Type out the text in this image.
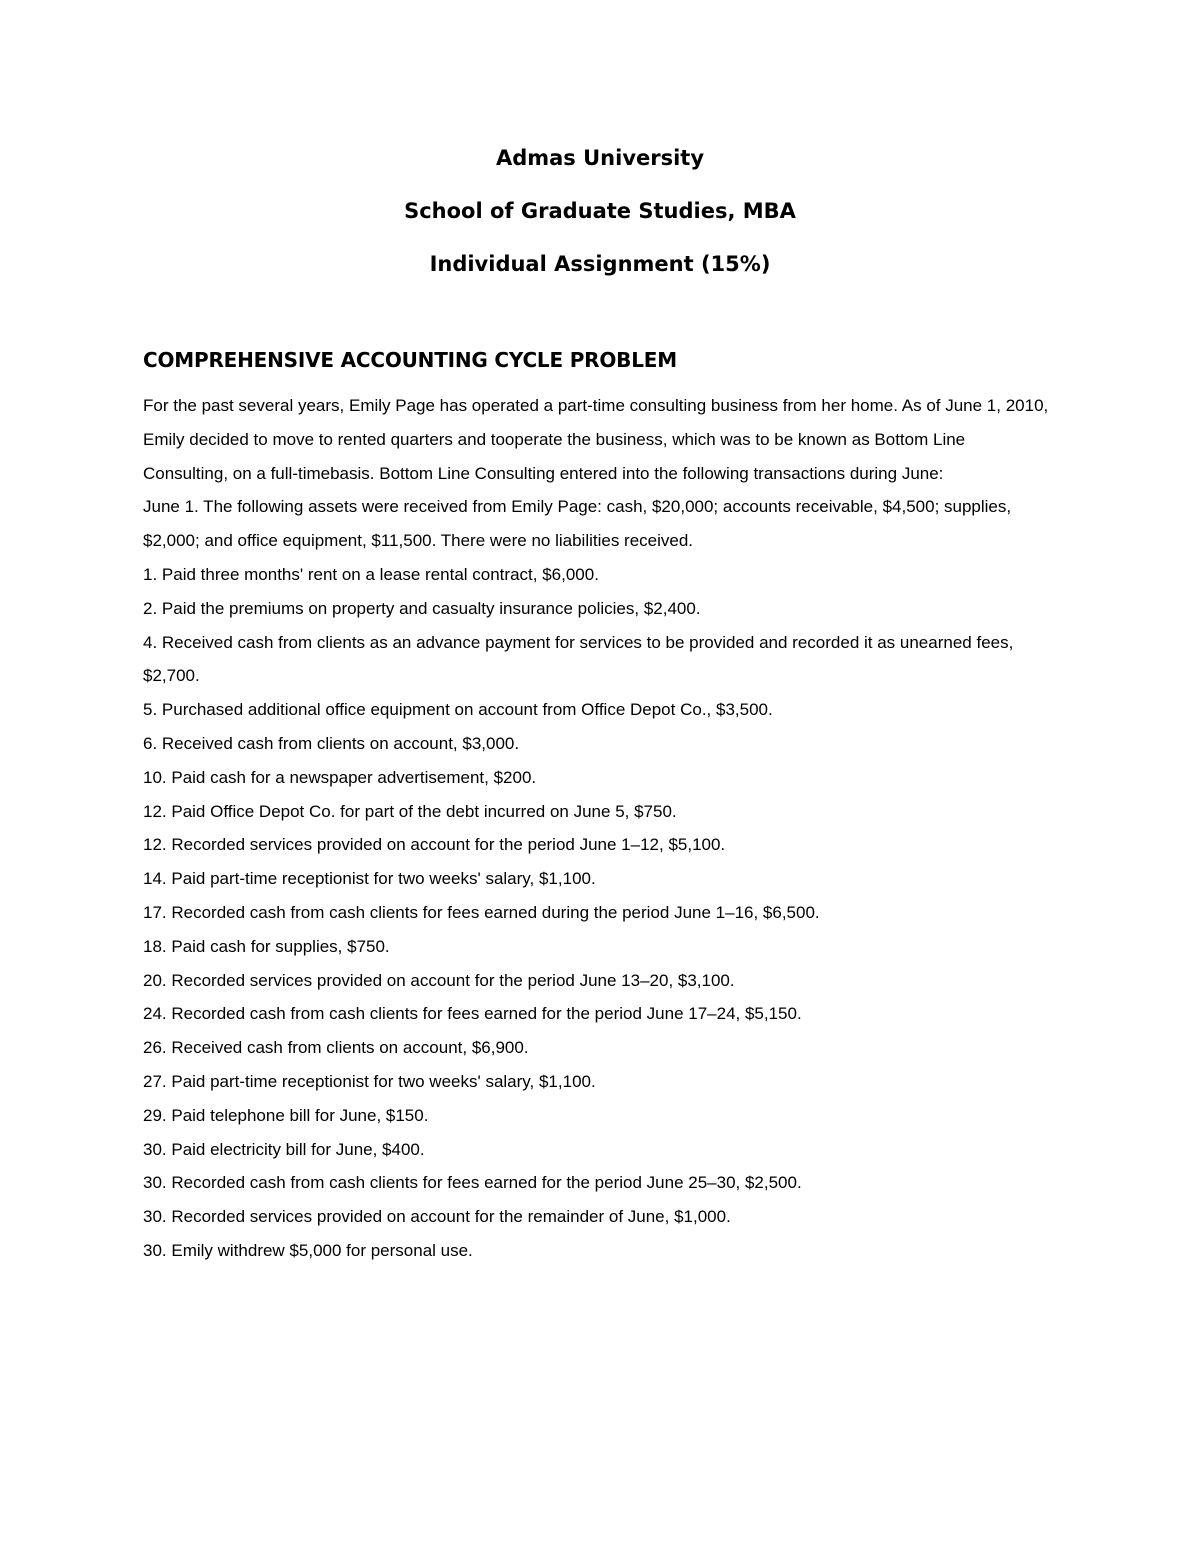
Admas University
School of Graduate Studies, MBA
Individual Assignment (15%)
COMPREHENSIVE ACCOUNTING CYCLE PROBLEM

For the past several years, Emily Page has operated a part-time consulting business from her home. As of June 1, 2010, Emily decided to move to rented quarters and tooperate the business, which was to be known as Bottom Line Consulting, on a full-timebasis. Bottom Line Consulting entered into the following transactions during June:

June 1. The following assets were received from Emily Page: cash, $20,000; accounts receivable, $4,500; supplies, $2,000; and office equipment, $11,500. There were no liabilities received.

1. Paid three months' rent on a lease rental contract, $6,000.

2. Paid the premiums on property and casualty insurance policies, $2,400.

4. Received cash from clients as an advance payment for services to be provided and recorded it as unearned fees, $2,700.

5. Purchased additional office equipment on account from Office Depot Co., $3,500.

6. Received cash from clients on account, $3,000.

10. Paid cash for a newspaper advertisement, $200.

12. Paid Office Depot Co. for part of the debt incurred on June 5, $750.

12. Recorded services provided on account for the period June 1–12, $5,100.

14. Paid part-time receptionist for two weeks' salary, $1,100.

17. Recorded cash from cash clients for fees earned during the period June 1–16, $6,500.

18. Paid cash for supplies, $750.

20. Recorded services provided on account for the period June 13–20, $3,100.

24. Recorded cash from cash clients for fees earned for the period June 17–24, $5,150.

26. Received cash from clients on account, $6,900.

27. Paid part-time receptionist for two weeks' salary, $1,100.

29. Paid telephone bill for June, $150.

30. Paid electricity bill for June, $400.

30. Recorded cash from cash clients for fees earned for the period June 25–30, $2,500.

30. Recorded services provided on account for the remainder of June, $1,000.

30. Emily withdrew $5,000 for personal use.
